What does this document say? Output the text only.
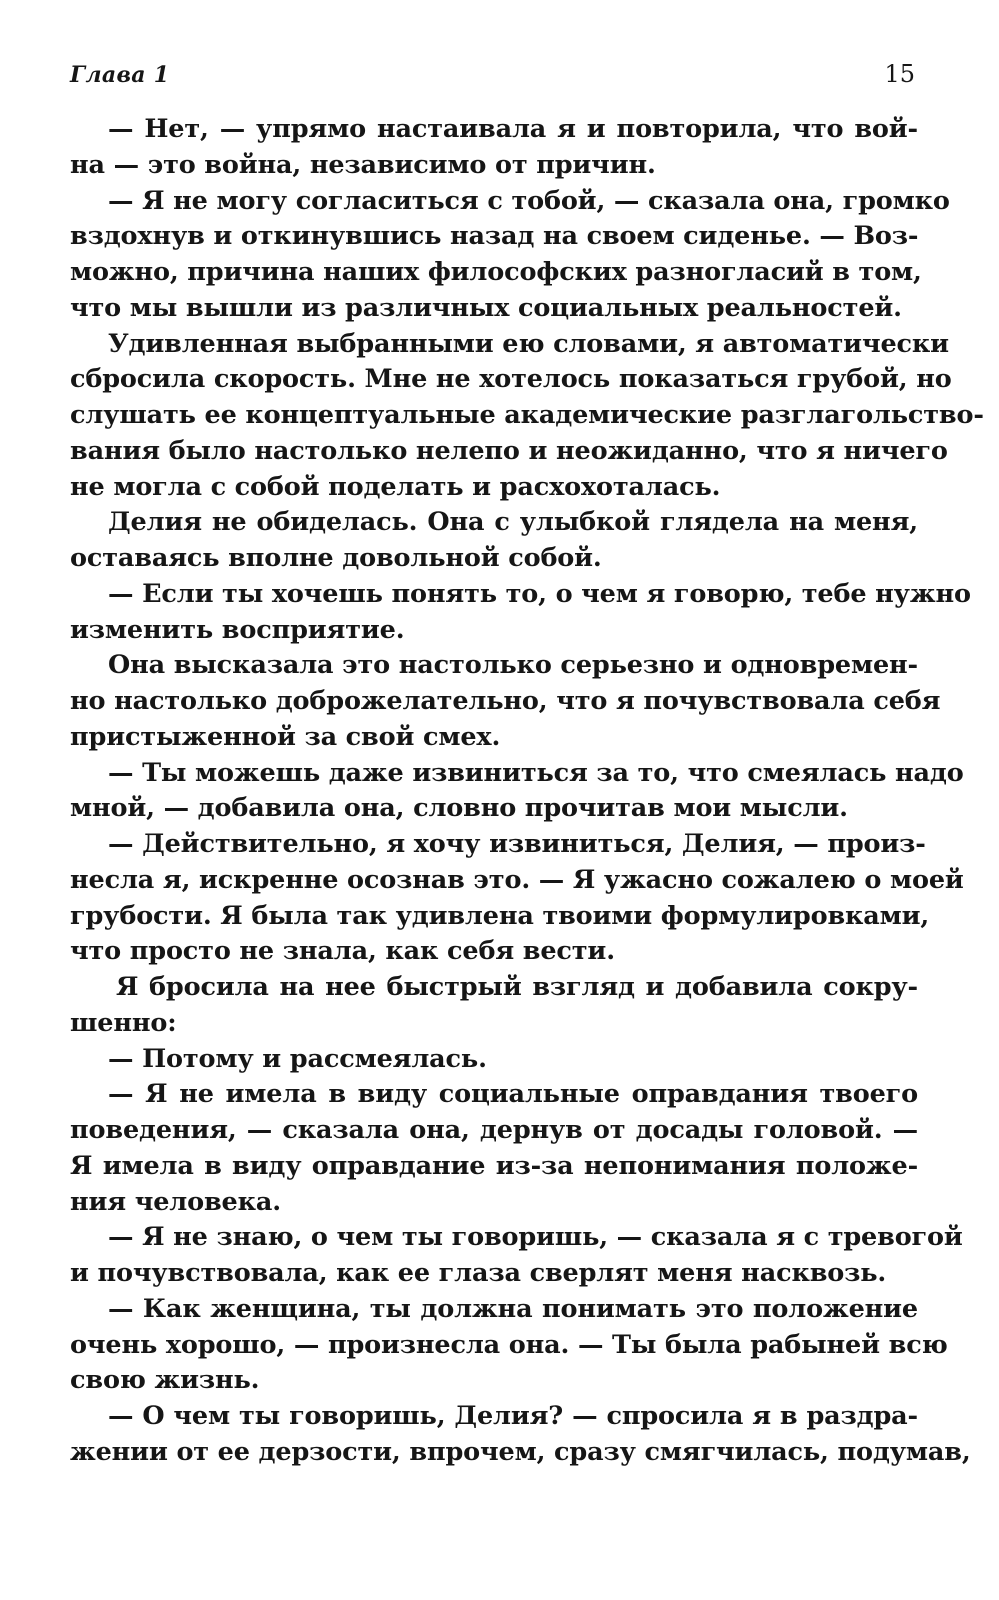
Глава 1	15
— Нет, — упрямо настаивала я и повторила, что вой-
на — это война, независимо от причин.
— Я не могу согласиться с тобой, — сказала она, громко
вздохнув и откинувшись назад на своем сиденье. — Воз-
можно, причина наших философских разногласий в том,
что мы вышли из различных социальных реальностей.
Удивленная выбранными ею словами, я автоматически
сбросила скорость. Мне не хотелось показаться грубой, но
слушать ее концептуальные академические разглагольство-
вания было настолько нелепо и неожиданно, что я ничего
не могла с собой поделать и расхохоталась.
Делия не обиделась. Она с улыбкой глядела на меня,
оставаясь вполне довольной собой.
— Если ты хочешь понять то, о чем я говорю, тебе нужно
изменить восприятие.
Она высказала это настолько серьезно и одновремен-
но настолько доброжелательно, что я почувствовала себя
пристыженной за свой смех.
— Ты можешь даже извиниться за то, что смеялась надо
мной, — добавила она, словно прочитав мои мысли.
— Действительно, я хочу извиниться, Делия, — произ-
несла я, искренне осознав это. — Я ужасно сожалею о моей
грубости. Я была так удивлена твоими формулировками,
что просто не знала, как себя вести.
Я бросила на нее быстрый взгляд и добавила сокру-
шенно:
— Потому и рассмеялась.
— Я не имела в виду социальные оправдания твоего
поведения, — сказала она, дернув от досады головой. —
Я имела в виду оправдание из-за непонимания положе-
ния человека.
— Я не знаю, о чем ты говоришь, — сказала я с тревогой
и почувствовала, как ее глаза сверлят меня насквозь.
— Как женщина, ты должна понимать это положение
очень хорошо, — произнесла она. — Ты была рабыней всю
свою жизнь.
— О чем ты говоришь, Делия? — спросила я в раздра-
жении от ее дерзости, впрочем, сразу смягчилась, подумав,
